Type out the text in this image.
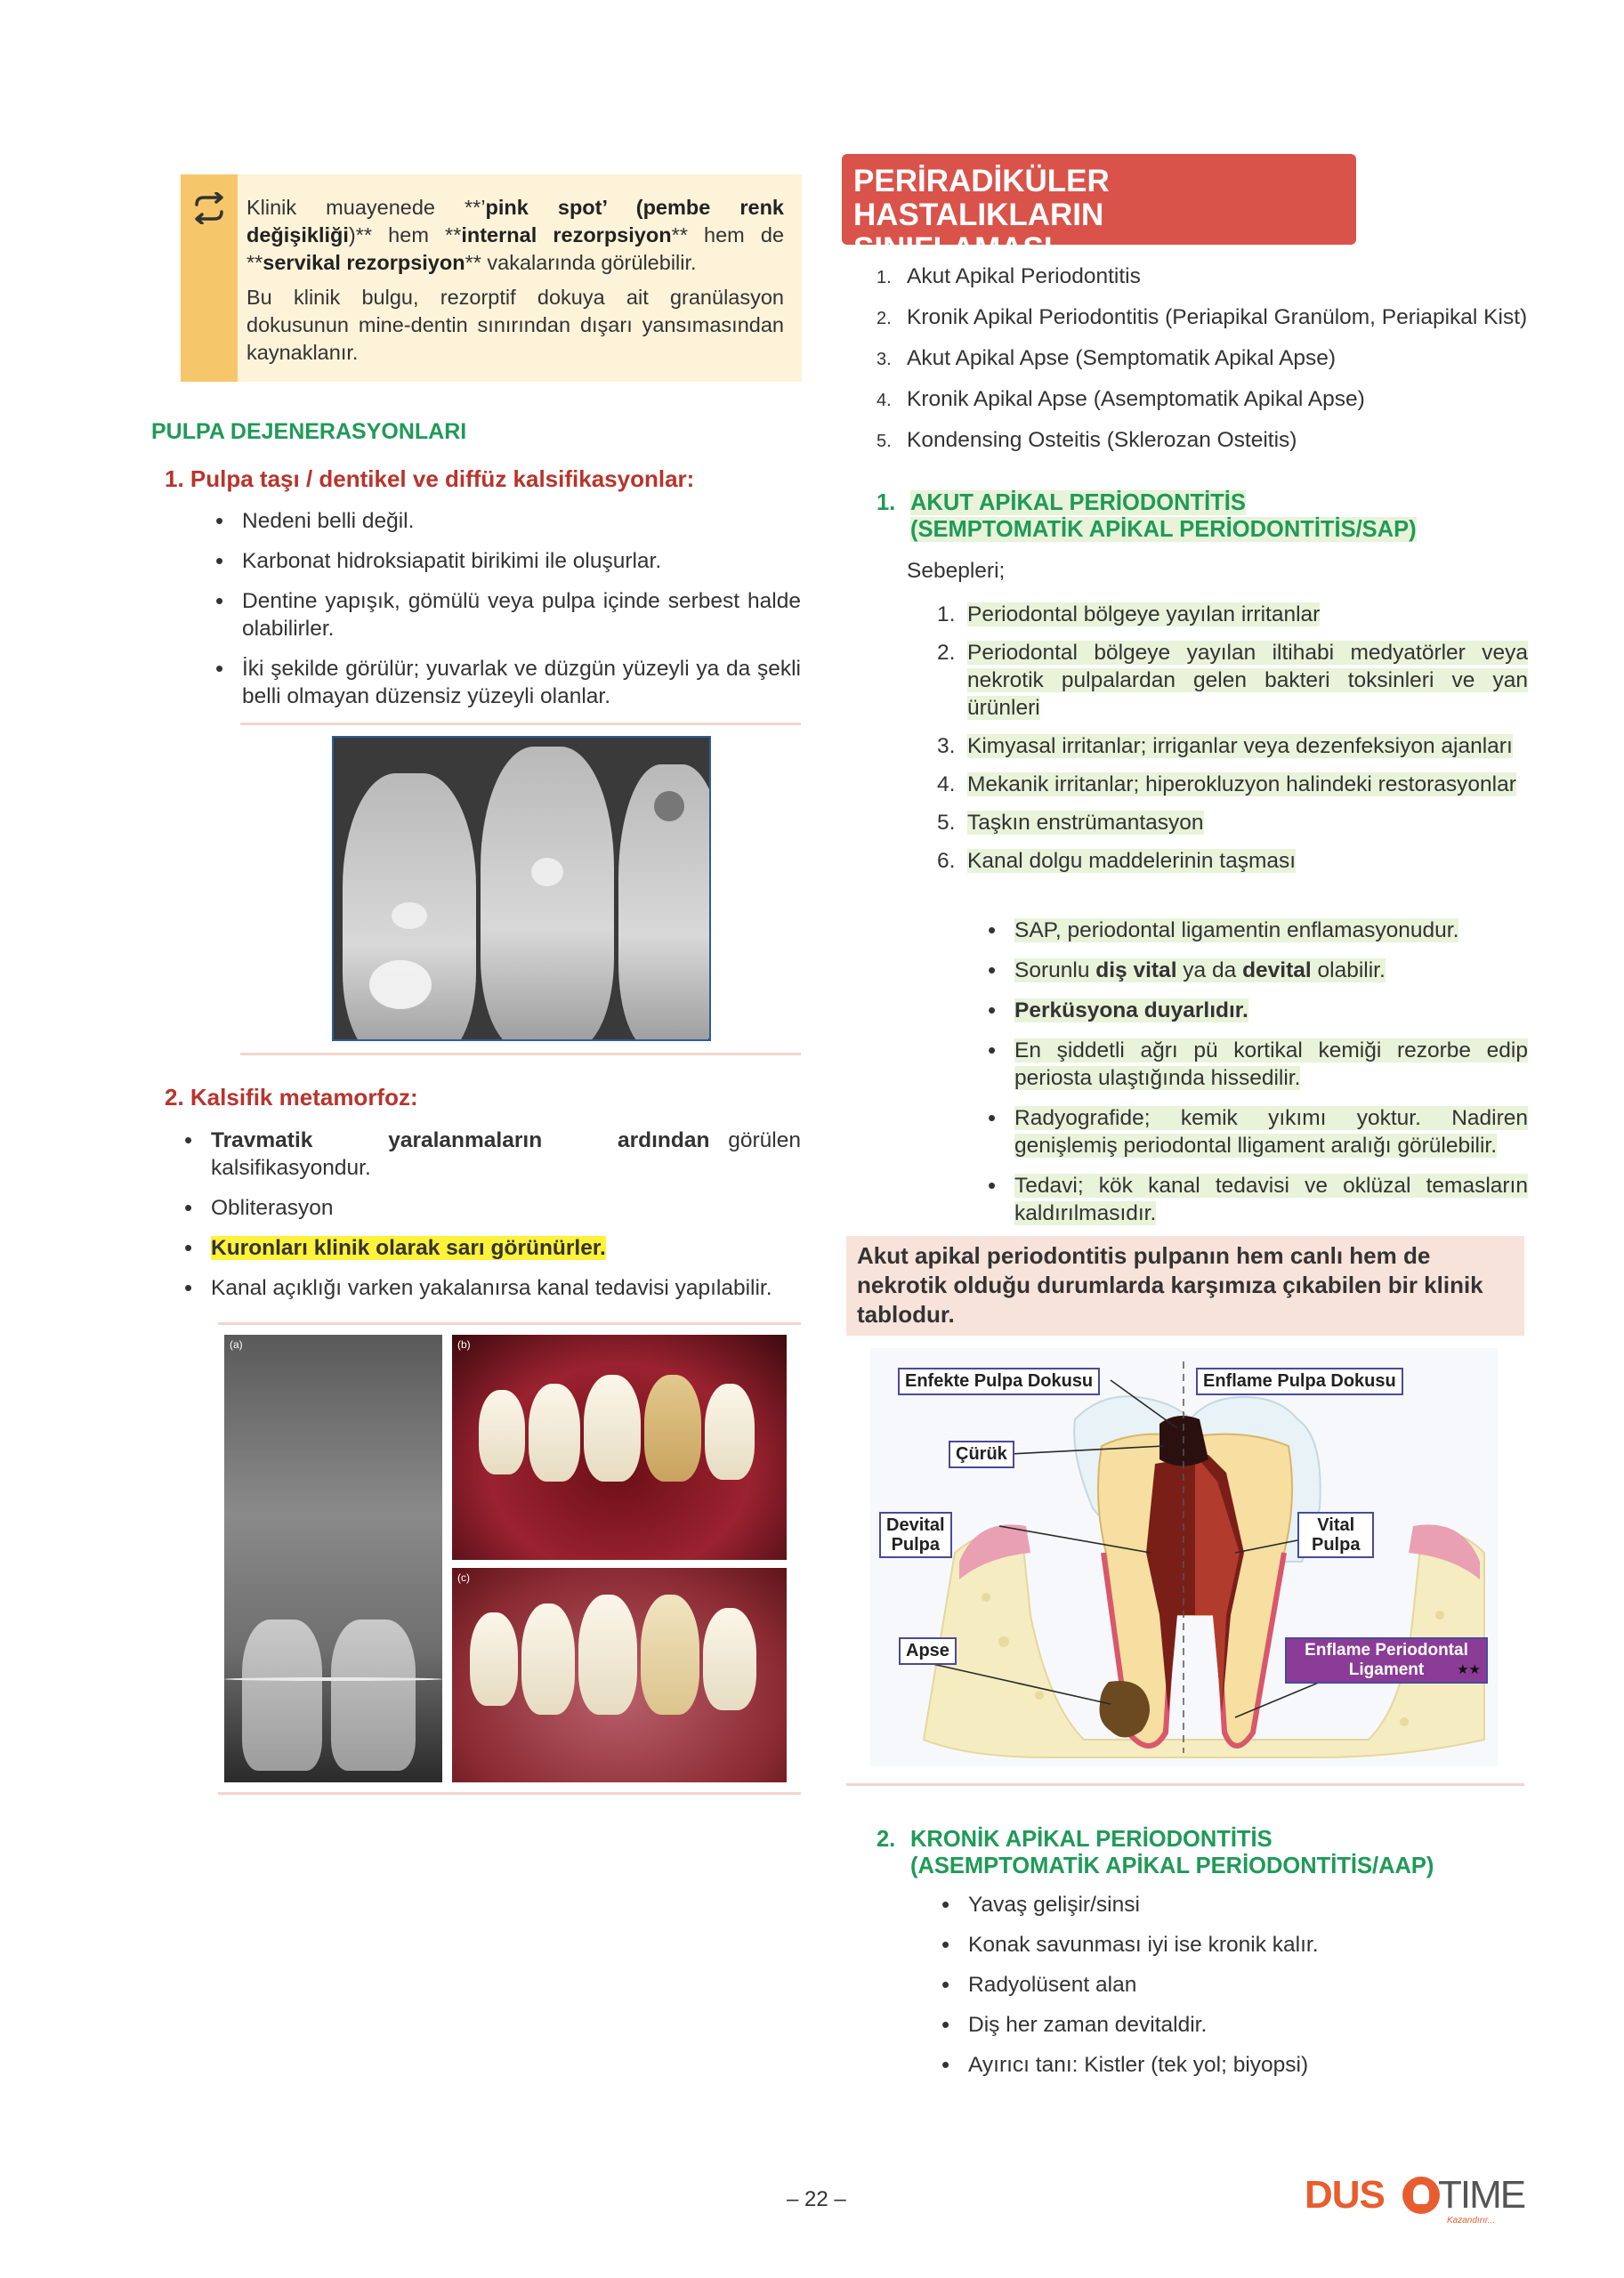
Klinik muayenede **’pink spot’ (pembe renk değişikliği)** hem **internal rezorpsiyon** hem de **servikal rezorpsiyon** vakalarında görülebilir.

Bu klinik bulgu, rezorptif dokuya ait granülasyon dokusunun mine-dentin sınırından dışarı yansımasından kaynaklanır.

PULPA DEJENERASYONLARI
1. Pulpa taşı / dentikel ve diffüz kalsifikasyonlar:
• Nedeni belli değil.
• Karbonat hidroksiapatit birikimi ile oluşurlar.
• Dentine yapışık, gömülü veya pulpa içinde serbest halde olabilirler.
• İki şekilde görülür; yuvarlak ve düzgün yüzeyli ya da şekli belli olmayan düzensiz yüzeyli olanlar.
2. Kalsifik metamorfoz:
• Travmatik yaralanmaların ardından görülen kalsifikasyondur.
• Obliterasyon
• Kuronları klinik olarak sarı görünürler.
• Kanal açıklığı varken yakalanırsa kanal tedavisi yapılabilir.
(a)	(b)
(c)
PERİRADİKÜLER HASTALIKLARIN
SINIFLAMASI
1. Akut Apikal Periodontitis
2. Kronik Apikal Periodontitis (Periapikal Granülom, Periapikal Kist)
3. Akut Apikal Apse (Semptomatik Apikal Apse)
4. Kronik Apikal Apse (Asemptomatik Apikal Apse)
5. Kondensing Osteitis (Sklerozan Osteitis)
1. AKUT APİKAL PERİODONTİTİS
(SEMPTOMATİK APİKAL PERİODONTİTİS/SAP)
Sebepleri;
1. Periodontal bölgeye yayılan irritanlar
2. Periodontal bölgeye yayılan iltihabi medyatörler veya nekrotik pulpalardan gelen bakteri toksinleri ve yan ürünleri
3. Kimyasal irritanlar; irriganlar veya dezenfeksiyon ajanları
4. Mekanik irritanlar; hiperokluzyon halindeki restorasyonlar
5. Taşkın enstrümantasyon
6. Kanal dolgu maddelerinin taşması
• SAP, periodontal ligamentin enflamasyonudur.
• Sorunlu diş vital ya da devital olabilir.
• Perküsyona duyarlıdır.
• En şiddetli ağrı pü kortikal kemiği rezorbe edip periosta ulaştığında hissedilir.
• Radyografide; kemik yıkımı yoktur. Nadiren genişlemiş periodontal lligament aralığı görülebilir.
• Tedavi; kök kanal tedavisi ve oklüzal temasların kaldırılmasıdır.
Akut apikal periodontitis pulpanın hem canlı hem de nekrotik olduğu durumlarda karşımıza çıkabilen bir klinik tablodur.
Enfekte Pulpa Dokusu	Enflame Pulpa Dokusu
Çürük
Devital
Pulpa
Vital
Pulpa
Apse	Enflame Periodontal
Ligament ★★
2. KRONİK APİKAL PERİODONTİTİS
(ASEMPTOMATİK APİKAL PERİODONTİTİS/AAP)
• Yavaş gelişir/sinsi
• Konak savunması iyi ise kronik kalır.
• Radyolüsent alan
• Diş her zaman devitaldir.
• Ayırıcı tanı: Kistler (tek yol; biyopsi)
– 22 –	DUS TIME
Kazandırır...
